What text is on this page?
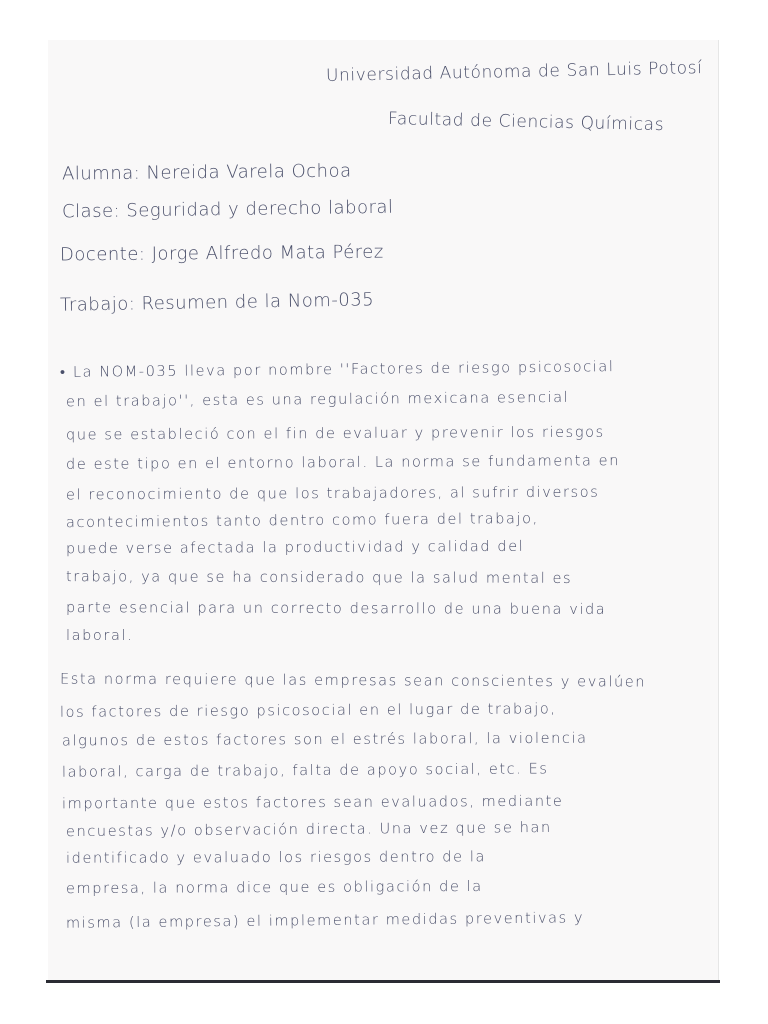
Universidad Autónoma de San Luis Potosí
Facultad de Ciencias Químicas
Alumna: Nereida Varela Ochoa
Clase: Seguridad y derecho laboral
Docente: Jorge Alfredo Mata Pérez
Trabajo: Resumen de la Nom-035
• La NOM-035 lleva por nombre ''Factores de riesgo psicosocial
en el trabajo'', esta es una regulación mexicana esencial
que se estableció con el fin de evaluar y prevenir los riesgos
de este tipo en el entorno laboral. La norma se fundamenta en
el reconocimiento de que los trabajadores, al sufrir diversos
acontecimientos tanto dentro como fuera del trabajo,
puede verse afectada la productividad y calidad del
trabajo, ya que se ha considerado que la salud mental es
parte esencial para un correcto desarrollo de una buena vida
laboral.
Esta norma requiere que las empresas sean conscientes y evalúen
los factores de riesgo psicosocial en el lugar de trabajo,
algunos de estos factores son el estrés laboral, la violencia
laboral, carga de trabajo, falta de apoyo social, etc. Es
importante que estos factores sean evaluados, mediante
encuestas y/o observación directa. Una vez que se han
identificado y evaluado los riesgos dentro de la
empresa, la norma dice que es obligación de la
misma (la empresa) el implementar medidas preventivas y
